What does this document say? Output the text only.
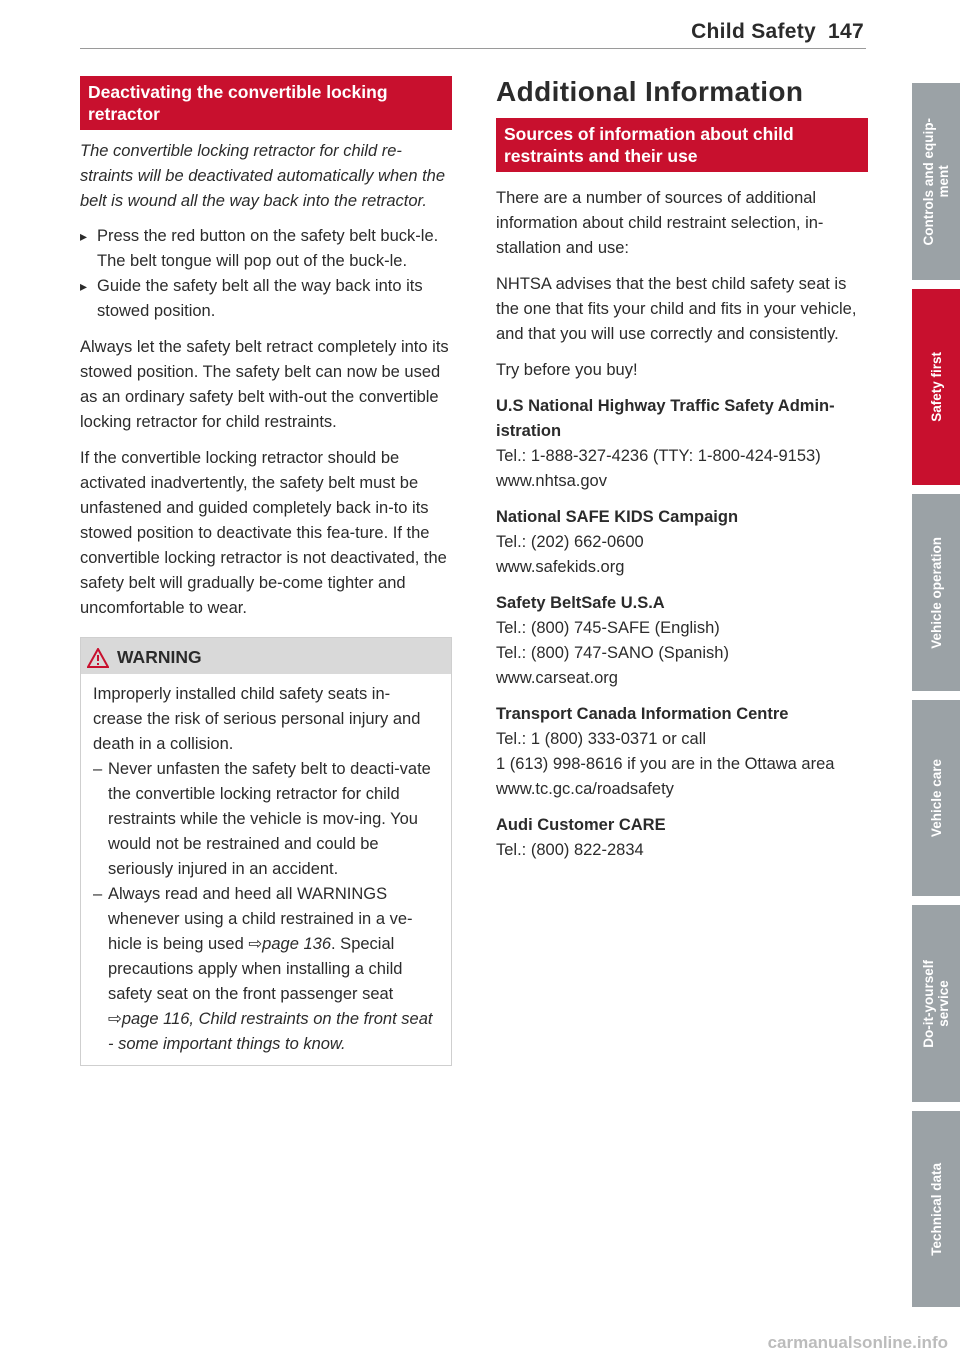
Child Safety 147
Deactivating the convertible locking retractor
The convertible locking retractor for child re-straints will be deactivated automatically when the belt is wound all the way back into the retractor.
▸ Press the red button on the safety belt buck-le. The belt tongue will pop out of the buck-le.
▸ Guide the safety belt all the way back into its stowed position.

Always let the safety belt retract completely into its stowed position. The safety belt can now be used as an ordinary safety belt with-out the convertible locking retractor for child restraints.

If the convertible locking retractor should be activated inadvertently, the safety belt must be unfastened and guided completely back in-to its stowed position to deactivate this fea-ture. If the convertible locking retractor is not deactivated, the safety belt will gradually be-come tighter and uncomfortable to wear.

WARNING

Improperly installed child safety seats in-crease the risk of serious personal injury and death in a collision.

– Never unfasten the safety belt to deacti-vate the convertible locking retractor for child restraints while the vehicle is mov-ing. You would not be restrained and could be seriously injured in an accident.
– Always read and heed all WARNINGS whenever using a child restrained in a ve-hicle is being used ⇨page 136. Special precautions apply when installing a child safety seat on the front passenger seat ⇨page 116, Child restraints on the front seat - some important things to know.
Additional Information
Sources of information about child restraints and their use

There are a number of sources of additional information about child restraint selection, in-stallation and use:

NHTSA advises that the best child safety seat is the one that fits your child and fits in your vehicle, and that you will use correctly and consistently.

Try before you buy!

U.S National Highway Traffic Safety Admin-istration

Tel.: 1-888-327-4236 (TTY: 1-800-424-9153)

www.nhtsa.gov

National SAFE KIDS Campaign

Tel.: (202) 662-0600

www.safekids.org

Safety BeltSafe U.S.A

Tel.: (800) 745-SAFE (English)

Tel.: (800) 747-SANO (Spanish)

www.carseat.org

Transport Canada Information Centre

Tel.: 1 (800) 333-0371 or call

1 (613) 998-8616 if you are in the Ottawa area

www.tc.gc.ca/roadsafety

Audi Customer CARE

Tel.: (800) 822-2834

Controls and equip-
ment
Safety first
Vehicle operation
Vehicle care
Do-it-yourself
service
Technical data
carmanualsonline.info
